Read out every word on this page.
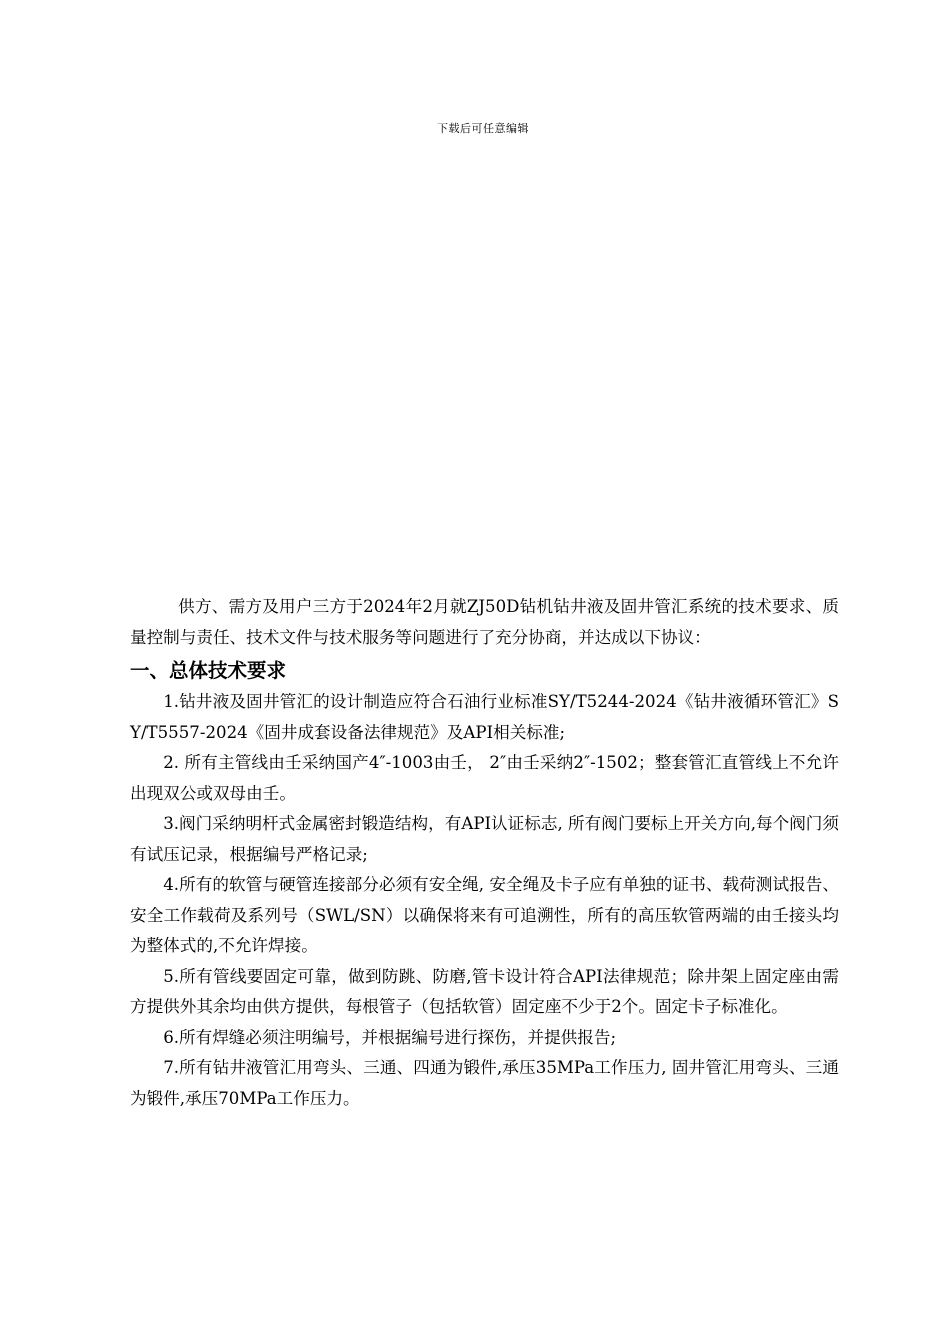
下载后可任意编辑

供方、需方及用户三方于2024年2月就ZJ50D钻机钻井液及固井管汇系统的技术要求、质量控制与责任、技术文件与技术服务等问题进行了充分协商，并达成以下协议：

一、总体技术要求

1.钻井液及固井管汇的设计制造应符合石油行业标准SY/T5244-2024《钻井液循环管汇》SY/T5557-2024《固井成套设备法律规范》及API相关标准;

2. 所有主管线由壬采纳国产4″-1003由壬， 2″由壬采纳2″-1502；整套管汇直管线上不允许出现双公或双母由壬。

3.阀门采纳明杆式金属密封锻造结构，有API认证标志, 所有阀门要标上开关方向,每个阀门须有试压记录，根据编号严格记录;

4.所有的软管与硬管连接部分必须有安全绳, 安全绳及卡子应有单独的证书、载荷测试报告、安全工作载荷及系列号（SWL/SN）以确保将来有可追溯性，所有的高压软管两端的由壬接头均为整体式的,不允许焊接。

5.所有管线要固定可靠，做到防跳、防磨,管卡设计符合API法律规范；除井架上固定座由需方提供外其余均由供方提供，每根管子（包括软管）固定座不少于2个。固定卡子标准化。

6.所有焊缝必须注明编号，并根据编号进行探伤，并提供报告;

7.所有钻井液管汇用弯头、三通、四通为锻件,承压35MPa工作压力, 固井管汇用弯头、三通为锻件,承压70MPa工作压力。
